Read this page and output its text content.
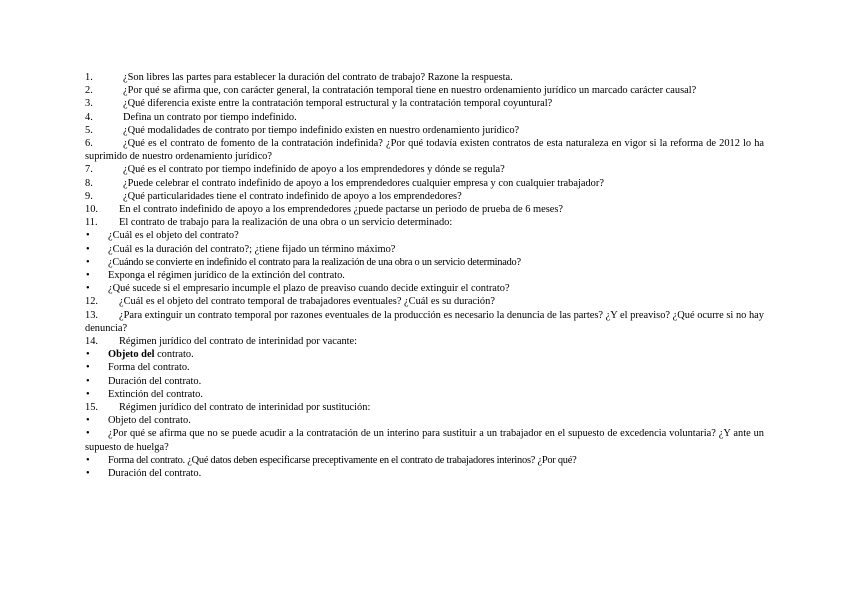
1.	¿Son libres las partes para establecer la duración del contrato de trabajo? Razone la respuesta.
2.	¿Por qué se afirma que, con carácter general, la contratación temporal tiene en nuestro ordenamiento jurídico un marcado carácter causal?
3.	¿Qué diferencia existe entre la contratación temporal estructural y la contratación temporal coyuntural?
4.	Defina un contrato por tiempo indefinido.
5.	¿Qué modalidades de contrato por tiempo indefinido existen en nuestro ordenamiento jurídico?
6.	¿Qué es el contrato de fomento de la contratación indefinida? ¿Por qué todavía existen contratos de esta naturaleza en vigor si la reforma de 2012 lo ha suprimido de nuestro ordenamiento jurídico?
7.	¿Qué es el contrato por tiempo indefinido de apoyo a los emprendedores y dónde se regula?
8.	¿Puede celebrar el contrato indefinido de apoyo a los emprendedores cualquier empresa y con cualquier trabajador?
9.	¿Qué particularidades tiene el contrato indefinido de apoyo a los emprendedores?
10.	En el contrato indefinido de apoyo a los emprendedores ¿puede pactarse un periodo de prueba de 6 meses?
11.	El contrato de trabajo para la realización de una obra o un servicio determinado:
•	¿Cuál es el objeto del contrato?
•	¿Cuál es la duración del contrato?; ¿tiene fijado un término máximo?
•	¿Cuándo se convierte en indefinido el contrato para la realización de una obra o un servicio determinado?
•	Exponga el régimen jurídico de la extinción del contrato.
•	¿Qué sucede si el empresario incumple el plazo de preaviso cuando decide extinguir el contrato?
12.	¿Cuál es el objeto del contrato temporal de trabajadores eventuales? ¿Cuál es su duración?
13.	¿Para extinguir un contrato temporal por razones eventuales de la producción es necesario la denuncia de las partes? ¿Y el preaviso? ¿Qué ocurre si no hay denuncia?
14.	Régimen jurídico del contrato de interinidad por vacante:
•	Objeto del contrato.
•	Forma del contrato.
•	Duración del contrato.
•	Extinción del contrato.
15.	Régimen jurídico del contrato de interinidad por sustitución:
•	Objeto del contrato.
•	¿Por qué se afirma que no se puede acudir a la contratación de un interino para sustituir a un trabajador en el supuesto de excedencia voluntaria? ¿Y ante un supuesto de huelga?
•	Forma del contrato. ¿Qué datos deben especificarse preceptivamente en el contrato de trabajadores interinos? ¿Por qué?
•	Duración del contrato.
